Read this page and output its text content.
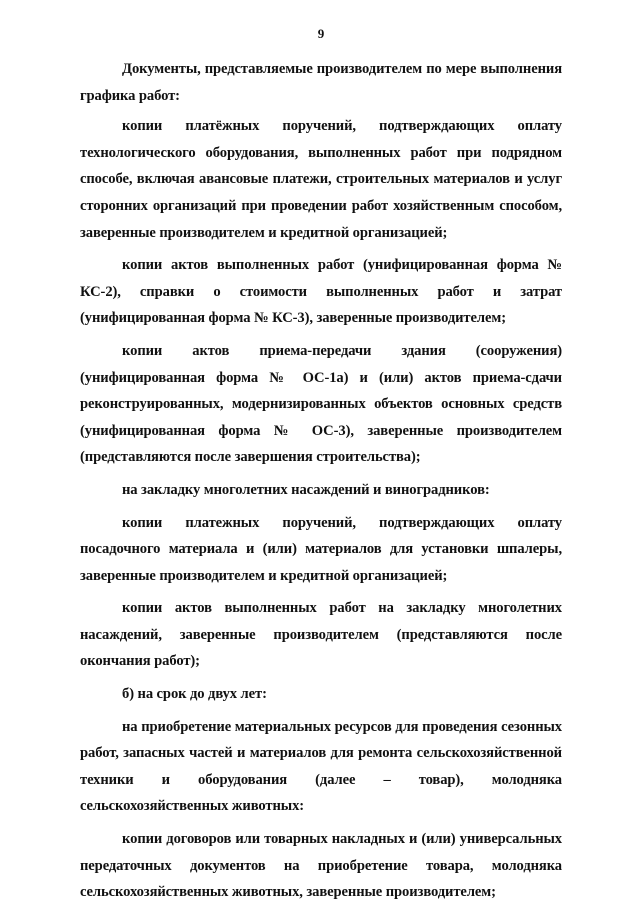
9

Документы, представляемые производителем по мере выполнения графика работ:

копии платёжных поручений, подтверждающих оплату технологического оборудования, выполненных работ при подрядном способе, включая авансовые платежи, строительных материалов и услуг сторонних организаций при проведении работ хозяйственным способом, заверенные производителем и кредитной организацией;

копии актов выполненных работ (унифицированная форма № КС-2), справки о стоимости выполненных работ и затрат (унифицированная форма № КС-3), заверенные производителем;

копии актов приема-передачи здания (сооружения) (унифицированная форма № ОС-1а) и (или) актов приема-сдачи реконструированных, модернизированных объектов основных средств (унифицированная форма № ОС-3), заверенные производителем (представляются после завершения строительства);

на закладку многолетних насаждений и виноградников:

копии платежных поручений, подтверждающих оплату посадочного материала и (или) материалов для установки шпалеры, заверенные производителем и кредитной организацией;

копии актов выполненных работ на закладку многолетних насаждений, заверенные производителем (представляются после окончания работ);

б) на срок до двух лет:

на приобретение материальных ресурсов для проведения сезонных работ, запасных частей и материалов для ремонта сельскохозяйственной техники и оборудования (далее – товар), молодняка сельскохозяйственных животных:

копии договоров или товарных накладных и (или) универсальных передаточных документов на приобретение товара, молодняка сельскохозяйственных животных, заверенные производителем;
